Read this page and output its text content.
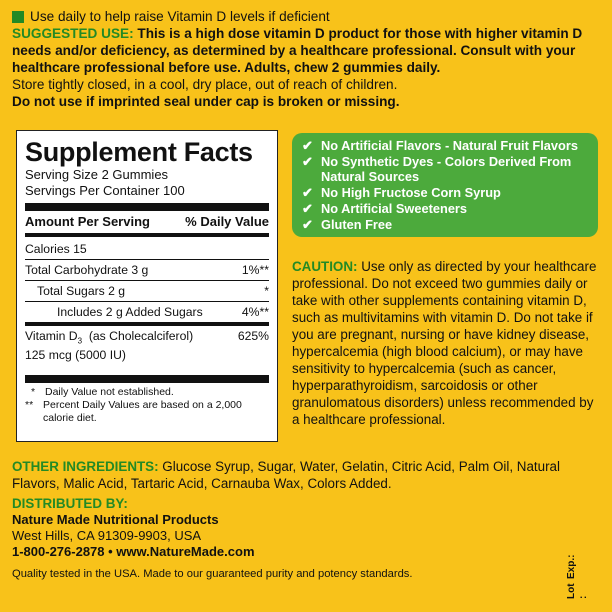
Use daily to help raise Vitamin D levels if deficient
SUGGESTED USE: This is a high dose vitamin D product for those with higher vitamin D needs and/or deficiency, as determined by a healthcare professional. Consult with your healthcare professional before use. Adults, chew 2 gummies daily.
Store tightly closed, in a cool, dry place, out of reach of children.
Do not use if imprinted seal under cap is broken or missing.
Supplement Facts
Serving Size 2 Gummies
Servings Per Container 100
Amount Per Serving	% Daily Value
Calories 15
Total Carbohydrate 3 g	1%**
Total Sugars 2 g	*
Includes 2 g Added Sugars	4%**
Vitamin $D_3$  (as Cholecalciferol)	625%
125 mcg (5000 IU)
* Daily Value not established.
** Percent Daily Values are based on a 2,000 calorie diet.
✔ No Artificial Flavors - Natural Fruit Flavors
✔ No Synthetic Dyes - Colors Derived From Natural Sources
✔ No High Fructose Corn Syrup
✔ No Artificial Sweeteners
✔ Gluten Free
CAUTION: Use only as directed by your healthcare professional. Do not exceed two gummies daily or take with other supplements containing vitamin D, such as multivitamins with vitamin D. Do not take if you are pregnant, nursing or have kidney disease, hypercalcemia (high blood calcium), or may have sensitivity to hypercalcemia (such as cancer, hyperparathyroidism, sarcoidosis or other granulomatous disorders) unless recommended by a healthcare professional.
OTHER INGREDIENTS: Glucose Syrup, Sugar, Water, Gelatin, Citric Acid, Palm Oil, Natural Flavors, Malic Acid, Tartaric Acid, Carnauba Wax, Colors Added.
DISTRIBUTED BY:
Nature Made Nutritional Products
West Hills, CA 91309-9903, USA
1-800-276-2878 • www.NatureMade.com
Quality tested in the USA. Made to our guaranteed purity and potency standards.
Lot :
Exp.:
